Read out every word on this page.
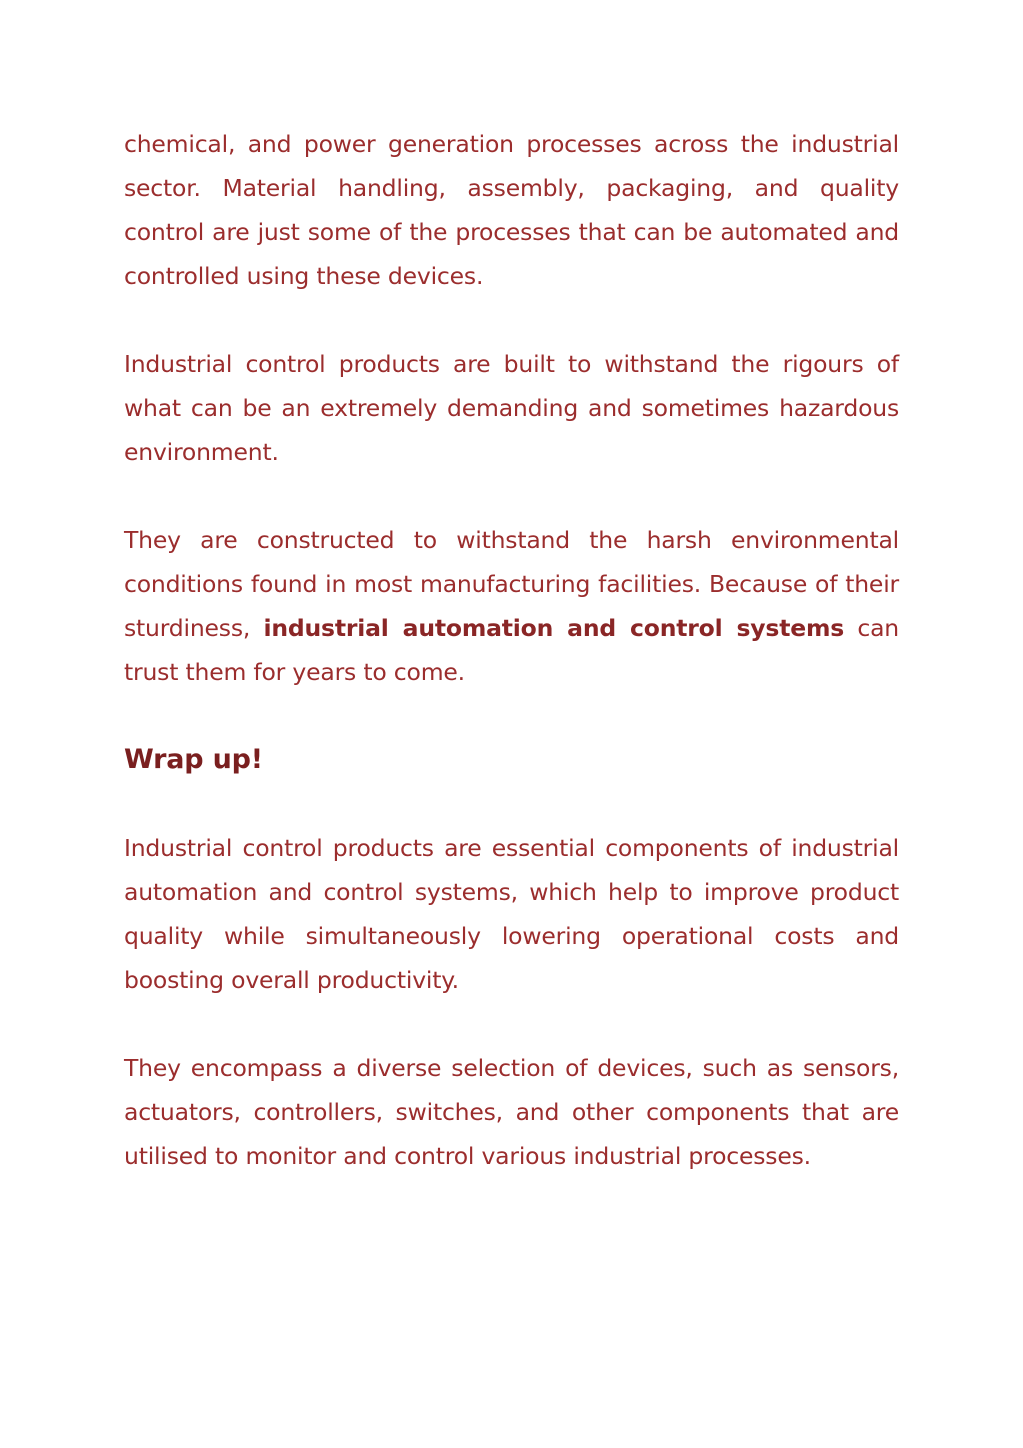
chemical, and power generation processes across the industrial sector. Material handling, assembly, packaging, and quality control are just some of the processes that can be automated and controlled using these devices.

Industrial control products are built to withstand the rigours of what can be an extremely demanding and sometimes hazardous environment.

They are constructed to withstand the harsh environmental conditions found in most manufacturing facilities. Because of their sturdiness, industrial automation and control systems can trust them for years to come.

Wrap up!

Industrial control products are essential components of industrial automation and control systems, which help to improve product quality while simultaneously lowering operational costs and boosting overall productivity.

They encompass a diverse selection of devices, such as sensors, actuators, controllers, switches, and other components that are utilised to monitor and control various industrial processes.
